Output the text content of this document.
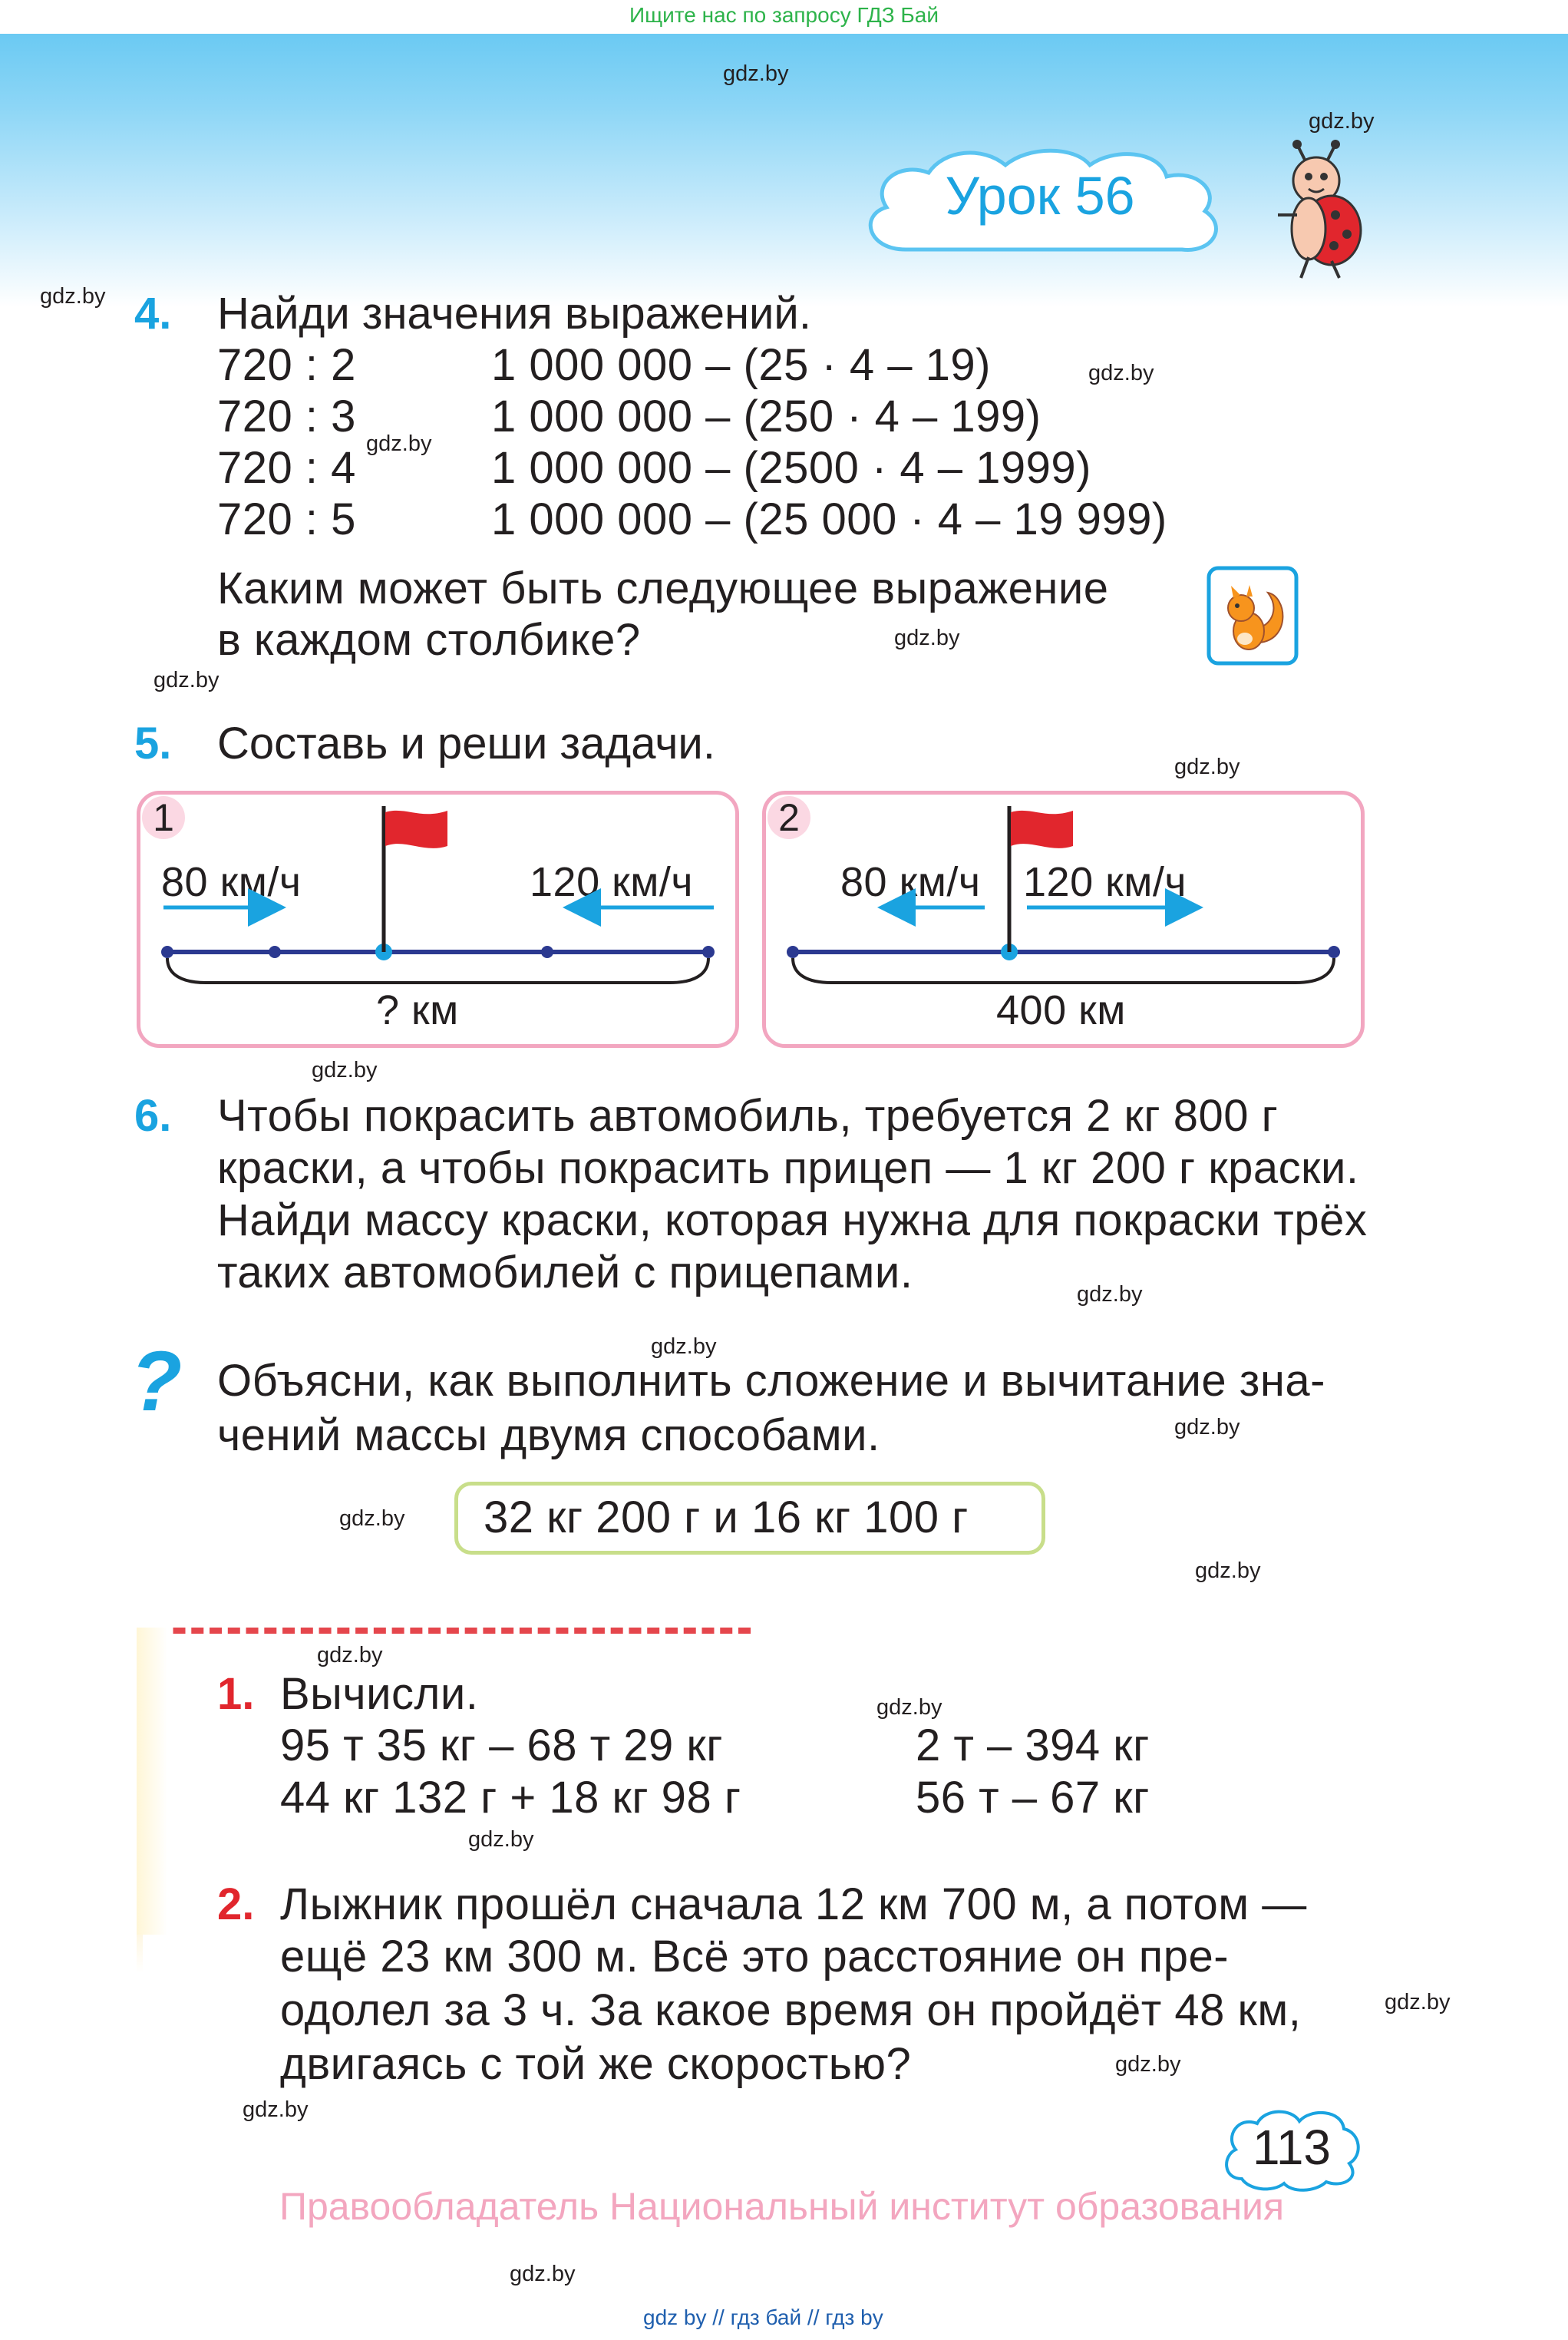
Ищите нас по запросу ГДЗ Бай
Урок 56
gdz.by
gdz.by
gdz.by
gdz.by
gdz.by
gdz.by
gdz.by
gdz.by
gdz.by
gdz.by
gdz.by
gdz.by
gdz.by
gdz.by
gdz.by
gdz.by
gdz.by
gdz.by
gdz.by
gdz.by
gdz.by
4. Найди значения выражений.
720 : 2
720 : 3
720 : 4
720 : 5
1 000 000 – (25 · 4 – 19)
1 000 000 – (250 · 4 – 199)
1 000 000 – (2500 · 4 – 1999)
1 000 000 – (25 000 · 4 – 19 999)
Каким может быть следующее выражение
в каждом столбике?
5. Составь и реши задачи.
1
80 км/ч	120 км/ч
? км
2
80 км/ч 120 км/ч
400 км
6. Чтобы покрасить автомобиль, требуется 2 кг 800 г
краски, а чтобы покрасить прицеп — 1 кг 200 г краски.
Найди массу краски, которая нужна для покраски трёх
таких автомобилей с прицепами.
? Объясни, как выполнить сложение и вычитание зна-
чений массы двумя способами.
32 кг 200 г и 16 кг 100 г
1. Вычисли.
95 т 35 кг – 68 т 29 кг
44 кг 132 г + 18 кг 98 г
2 т – 394 кг
56 т – 67 кг
2. Лыжник прошёл сначала 12 км 700 м, а потом —
ещё 23 км 300 м. Всё это расстояние он пре-
одолел за 3 ч. За какое время он пройдёт 48 км,
двигаясь с той же скоростью?
113
Правообладатель Национальный институт образования
gdz by // гдз бай // гдз by
